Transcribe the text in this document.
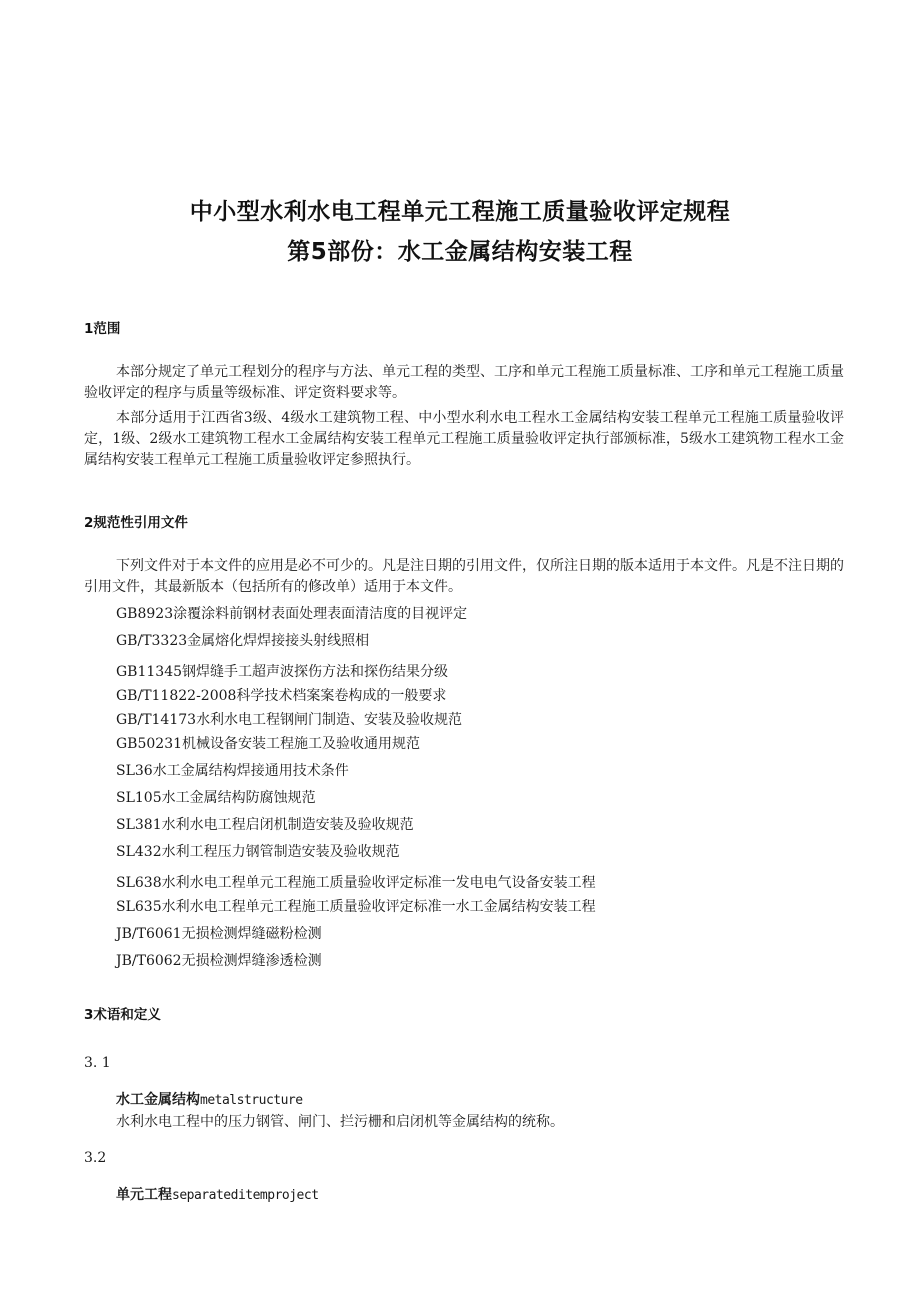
中小型水利水电工程单元工程施工质量验收评定规程
第5部份：水工金属结构安装工程
1范围
本部分规定了单元工程划分的程序与方法、单元工程的类型、工序和单元工程施工质量标准、工序和单元工程施工质量验收评定的程序与质量等级标准、评定资料要求等。
本部分适用于江西省3级、4级水工建筑物工程、中小型水利水电工程水工金属结构安装工程单元工程施工质量验收评定，1级、2级水工建筑物工程水工金属结构安装工程单元工程施工质量验收评定执行部颁标准，5级水工建筑物工程水工金属结构安装工程单元工程施工质量验收评定参照执行。
2规范性引用文件
下列文件对于本文件的应用是必不可少的。凡是注日期的引用文件，仅所注日期的版本适用于本文件。凡是不注日期的引用文件，其最新版本（包括所有的修改单）适用于本文件。
GB8923涂覆涂料前钢材表面处理表面清洁度的目视评定
GB/T3323金属熔化焊焊接接头射线照相
GB11345钢焊缝手工超声波探伤方法和探伤结果分级
GB/T11822-2008科学技术档案案卷构成的一般要求
GB/T14173水利水电工程钢闸门制造、安装及验收规范
GB50231机械设备安装工程施工及验收通用规范
SL36水工金属结构焊接通用技术条件
SL105水工金属结构防腐蚀规范
SL381水利水电工程启闭机制造安装及验收规范
SL432水利工程压力钢管制造安装及验收规范
SL638水利水电工程单元工程施工质量验收评定标准一发电电气设备安装工程
SL635水利水电工程单元工程施工质量验收评定标准一水工金属结构安装工程
JB/T6061无损检测焊缝磁粉检测
JB/T6062无损检测焊缝渗透检测
3术语和定义
3. 1
水工金属结构metalstructure
水利水电工程中的压力钢管、闸门、拦污栅和启闭机等金属结构的统称。
3.2
单元工程separateditemproject
